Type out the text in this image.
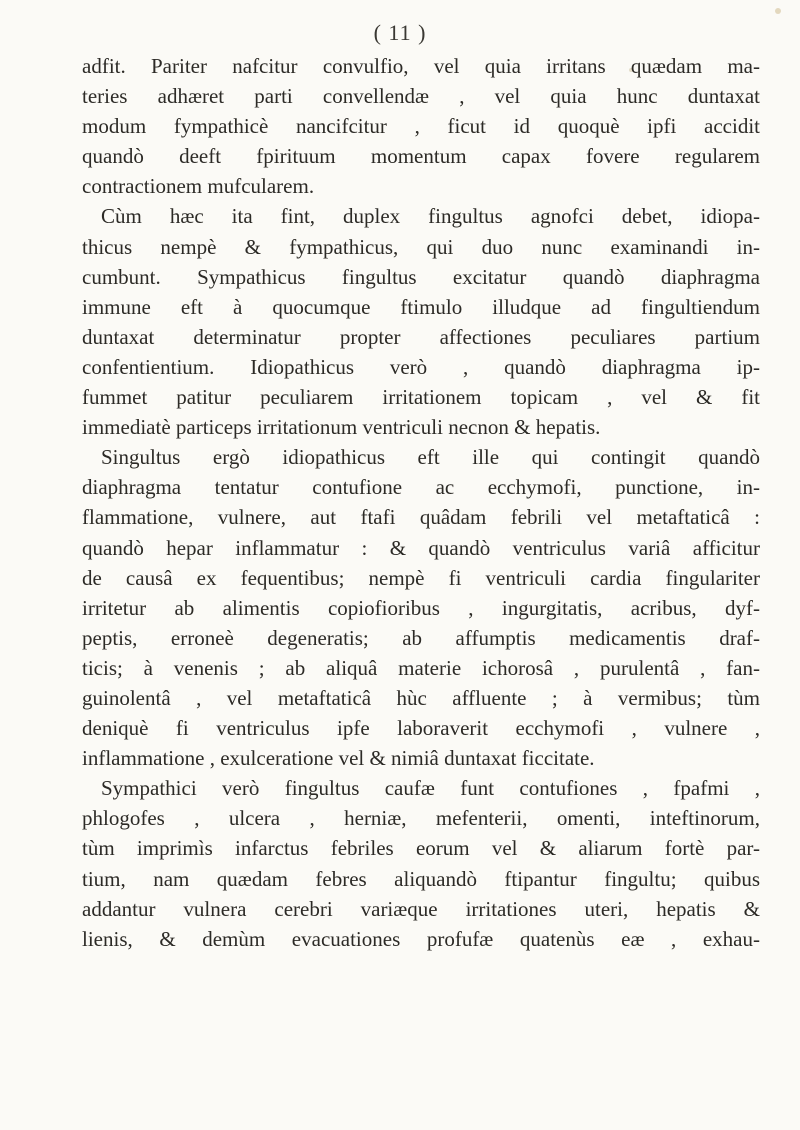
( 11 )
adfit. Pariter nafcitur convulfio, vel quia irritans quædam ma-
teries adhæret parti convellendæ , vel quia hunc duntaxat
modum fympathicè nancifcitur , ficut id quoquè ipfi accidit
quandò deeft fpirituum momentum capax fovere regularem
contractionem mufcularem.
Cùm hæc ita fint, duplex fingultus agnofci debet, idiopa-
thicus nempè & fympathicus, qui duo nunc examinandi in-
cumbunt. Sympathicus fingultus excitatur quandò diaphragma
immune eft à quocumque ftimulo illudque ad fingultiendum
duntaxat determinatur propter affectiones peculiares partium
confentientium. Idiopathicus verò , quandò diaphragma ip-
fummet patitur peculiarem irritationem topicam , vel & fit
immediatè particeps irritationum ventriculi necnon & hepatis.
Singultus ergò idiopathicus eft ille qui contingit quandò
diaphragma tentatur contufione ac ecchymofi, punctione, in-
flammatione, vulnere, aut ftafi quâdam febrili vel metaftaticâ :
quandò hepar inflammatur : & quandò ventriculus variâ afficitur
de causâ ex fequentibus; nempè fi ventriculi cardia fingulariter
irritetur ab alimentis copiofioribus , ingurgitatis, acribus, dyf-
peptis, erroneè degeneratis; ab affumptis medicamentis draf-
ticis; à venenis ; ab aliquâ materie ichorosâ , purulentâ , fan-
guinolentâ , vel metaftaticâ hùc affluente ; à vermibus; tùm
deniquè fi ventriculus ipfe laboraverit ecchymofi , vulnere ,
inflammatione , exulceratione vel & nimiâ duntaxat ficcitate.
Sympathici verò fingultus caufæ funt contufiones , fpafmi ,
phlogofes , ulcera , herniæ, mefenterii, omenti, inteftinorum,
tùm imprimìs infarctus febriles eorum vel & aliarum fortè par-
tium, nam quædam febres aliquandò ftipantur fingultu; quibus
addantur vulnera cerebri variæque irritationes uteri, hepatis &
lienis, & demùm evacuationes profufæ quatenùs eæ , exhau-
